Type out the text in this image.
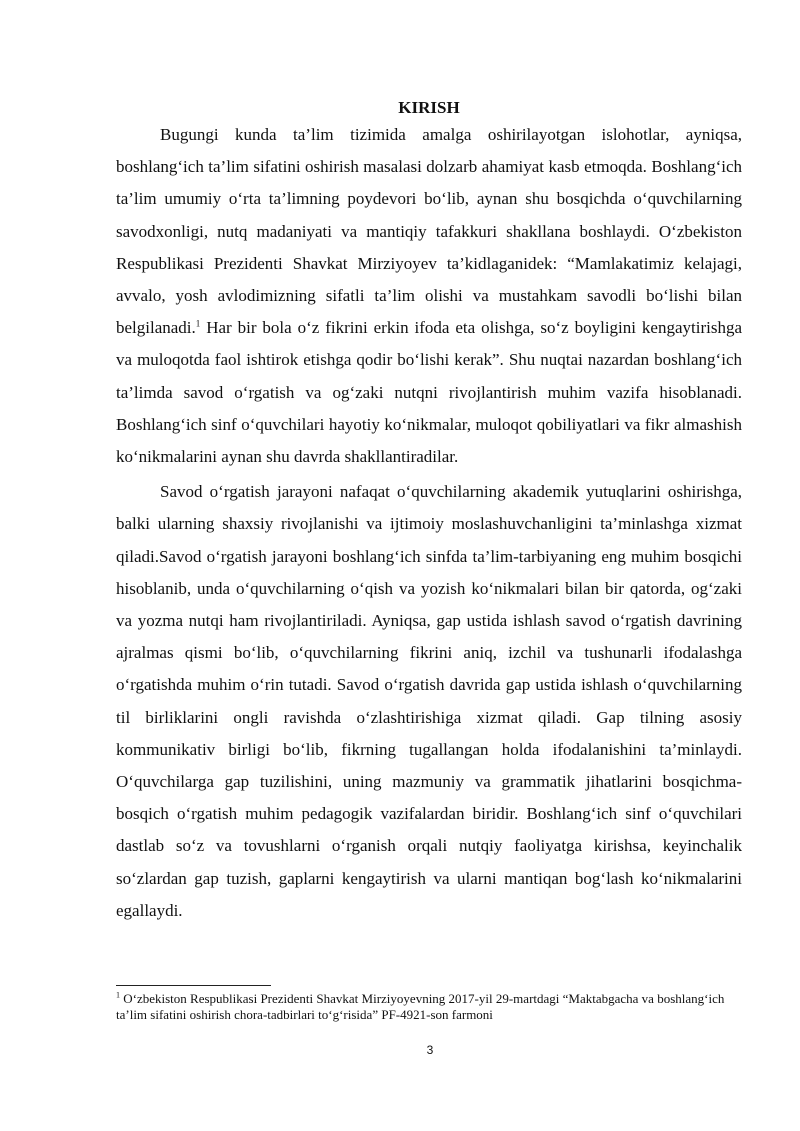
KIRISH

Bugungi kunda ta’lim tizimida amalga oshirilayotgan islohotlar, ayniqsa, boshlang‘ich ta’lim sifatini oshirish masalasi dolzarb ahamiyat kasb etmoqda. Boshlang‘ich ta’lim umumiy o‘rta ta’limning poydevori bo‘lib, aynan shu bosqichda o‘quvchilarning savodxonligi, nutq madaniyati va mantiqiy tafakkuri shakllana boshlaydi. O‘zbekiston Respublikasi Prezidenti Shavkat Mirziyoyev ta’kidlaganidek: “Mamlakatimiz kelajagi, avvalo, yosh avlodimizning sifatli ta’lim olishi va mustahkam savodli bo‘lishi bilan belgilanadi.$^1$ Har bir bola o‘z fikrini erkin ifoda eta olishga, so‘z boyligini kengaytirishga va muloqotda faol ishtirok etishga qodir bo‘lishi kerak”. Shu nuqtai nazardan boshlang‘ich ta’limda savod o‘rgatish va og‘zaki nutqni rivojlantirish muhim vazifa hisoblanadi. Boshlang‘ich sinf o‘quvchilari hayotiy ko‘nikmalar, muloqot qobiliyatlari va fikr almashish ko‘nikmalarini aynan shu davrda shakllantiradilar.

Savod o‘rgatish jarayoni nafaqat o‘quvchilarning akademik yutuqlarini oshirishga, balki ularning shaxsiy rivojlanishi va ijtimoiy moslashuvchanligini ta’minlashga xizmat qiladi.Savod o‘rgatish jarayoni boshlang‘ich sinfda ta’lim-tarbiyaning eng muhim bosqichi hisoblanib, unda o‘quvchilarning o‘qish va yozish ko‘nikmalari bilan bir qatorda, og‘zaki va yozma nutqi ham rivojlantiriladi. Ayniqsa, gap ustida ishlash savod o‘rgatish davrining ajralmas qismi bo‘lib, o‘quvchilarning fikrini aniq, izchil va tushunarli ifodalashga o‘rgatishda muhim o‘rin tutadi. Savod o‘rgatish davrida gap ustida ishlash o‘quvchilarning til birliklarini ongli ravishda o‘zlashtirishiga xizmat qiladi. Gap tilning asosiy kommunikativ birligi bo‘lib, fikrning tugallangan holda ifodalanishini ta’minlaydi. O‘quvchilarga gap tuzilishini, uning mazmuniy va grammatik jihatlarini bosqichma-bosqich o‘rgatish muhim pedagogik vazifalardan biridir. Boshlang‘ich sinf o‘quvchilari dastlab so‘z va tovushlarni o‘rganish orqali nutqiy faoliyatga kirishsa, keyinchalik so‘zlardan gap tuzish, gaplarni kengaytirish va ularni mantiqan bog‘lash ko‘nikmalarini egallaydi.

$^1$ O‘zbekiston Respublikasi Prezidenti Shavkat Mirziyoyevning 2017-yil 29-martdagi “Maktabgacha va boshlang‘ich ta’lim sifatini oshirish chora-tadbirlari to‘g‘risida” PF-4921-son farmoni

3
